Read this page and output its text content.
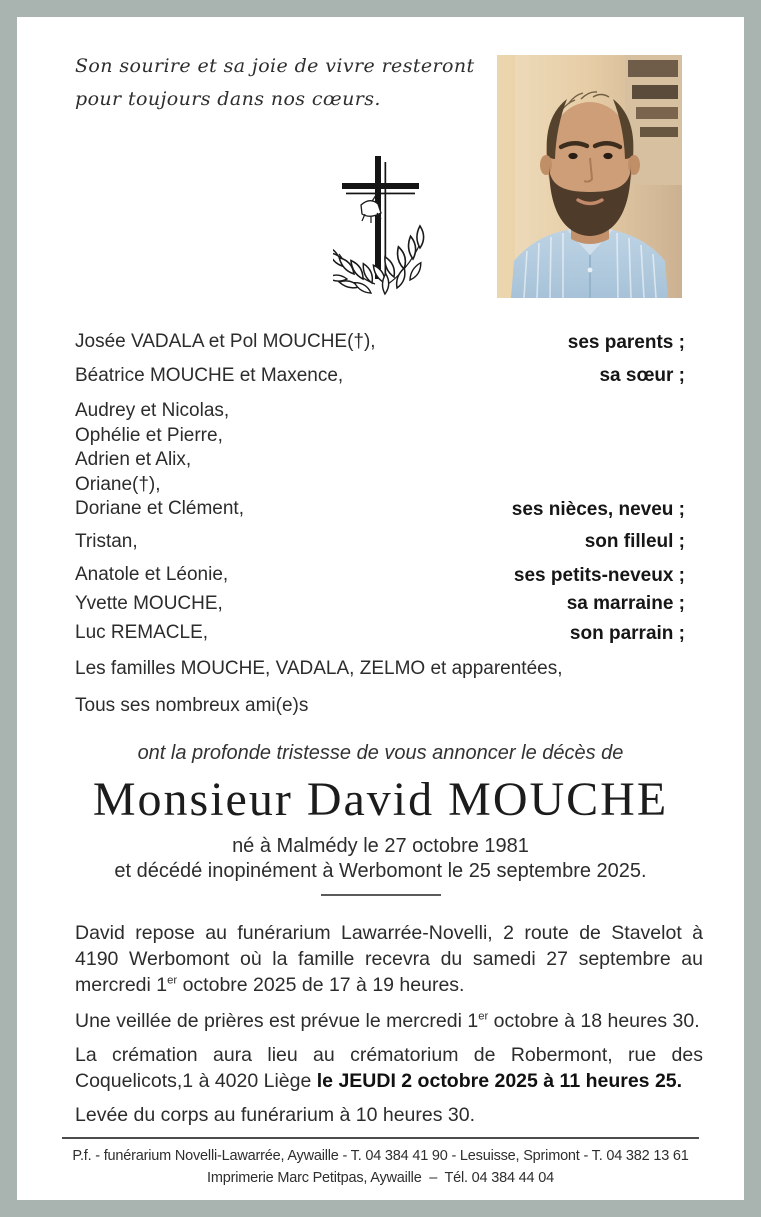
Son sourire et sa joie de vivre resteront
pour toujours dans nos cœurs.
Josée VADALA et Pol MOUCHE(†),	ses parents ;
Béatrice MOUCHE et Maxence,	sa sœur ;
Audrey et Nicolas,
Ophélie et Pierre,
Adrien et Alix,
Oriane(†),
Doriane et Clément,	ses nièces, neveu ;
Tristan,	son filleul ;
Anatole et Léonie,	ses petits-neveux ;
Yvette MOUCHE,	sa marraine ;
Luc REMACLE,	son parrain ;
Les familles MOUCHE, VADALA, ZELMO et apparentées,
Tous ses nombreux ami(e)s

ont la profonde tristesse de vous annoncer le décès de

Monsieur David MOUCHE

né à Malmédy le 27 octobre 1981

et décédé inopinément à Werbomont le 25 septembre 2025.

David repose au funérarium Lawarrée-Novelli, 2 route de Stavelot à 4190 Werbomont où la famille recevra du samedi 27 septembre au mercredi 1er octobre 2025 de 17 à 19 heures.

Une veillée de prières est prévue le mercredi 1er octobre à 18 heures 30.

La crémation aura lieu au crématorium de Robermont, rue des Coquelicots,1 à 4020 Liège le JEUDI 2 octobre 2025 à 11 heures 25.

Levée du corps au funérarium à 10 heures 30.

P.f. - funérarium Novelli-Lawarrée, Aywaille - T. 04 384 41 90 - Lesuisse, Sprimont - T. 04 382 13 61
Imprimerie Marc Petitpas, Aywaille  –  Tél. 04 384 44 04
